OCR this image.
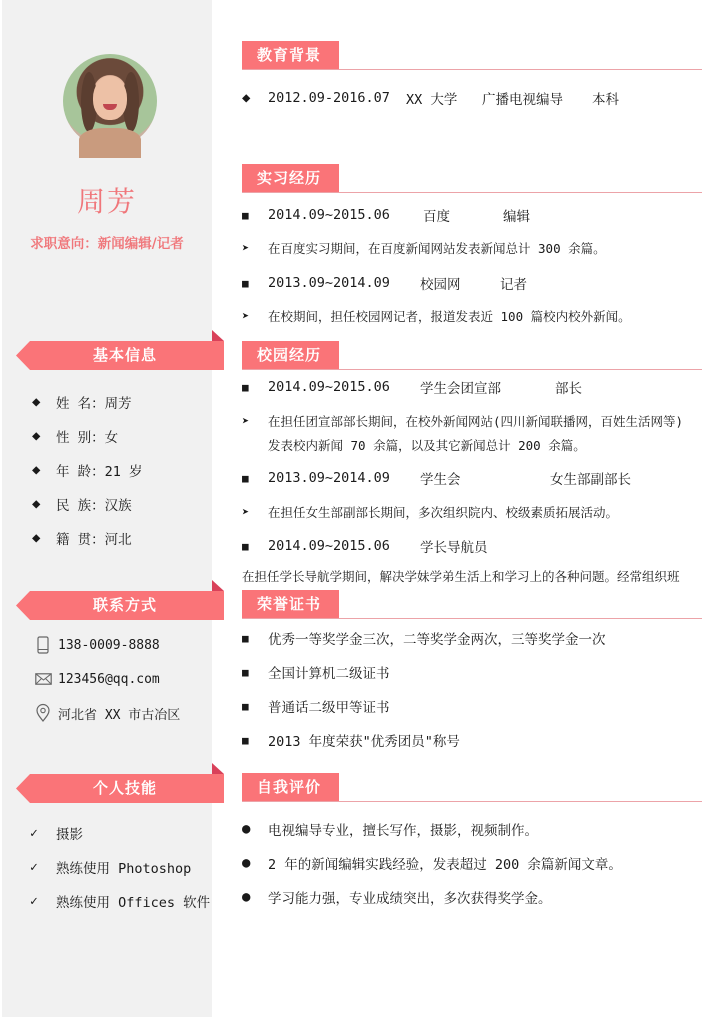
周芳
求职意向：新闻编辑/记者
基本信息
◆	姓 名： 周芳
◆	性 别： 女
◆	年 龄： 21 岁
◆	民 族： 汉族
◆	籍 贯： 河北
联系方式
138-0009-8888
123456@qq.com
河北省 XX 市古冶区
个人技能
✓	摄影
✓	熟练使用 Photoshop
✓	熟练使用 Offices 软件
教育背景
◆	2012.09-2016.07	XX 大学	广播电视编导	本科
实习经历
■	2014.09~2015.06	百度	编辑
➤	在百度实习期间，在百度新闻网站发表新闻总计 300 余篇。
■	2013.09~2014.09	校园网	记者
➤	在校期间，担任校园网记者，报道发表近 100 篇校内校外新闻。
校园经历
■	2014.09~2015.06	学生会团宣部	部长
➤	在担任团宣部部长期间，在校外新闻网站(四川新闻联播网，百姓生活网等)
发表校内新闻 70 余篇，以及其它新闻总计 200 余篇。
■	2013.09~2014.09	学生会	女生部副部长
➤	在担任女生部副部长期间，多次组织院内、校级素质拓展活动。
■	2014.09~2015.06	学长导航员
在担任学长导航学期间，解决学妹学弟生活上和学习上的各种问题。经常组织班
荣誉证书
■	优秀一等奖学金三次，二等奖学金两次，三等奖学金一次
■	全国计算机二级证书
■	普通话二级甲等证书
■	2013 年度荣获"优秀团员"称号
自我评价
●	电视编导专业，擅长写作，摄影，视频制作。
●	2 年的新闻编辑实践经验，发表超过 200 余篇新闻文章。
●	学习能力强，专业成绩突出，多次获得奖学金。
